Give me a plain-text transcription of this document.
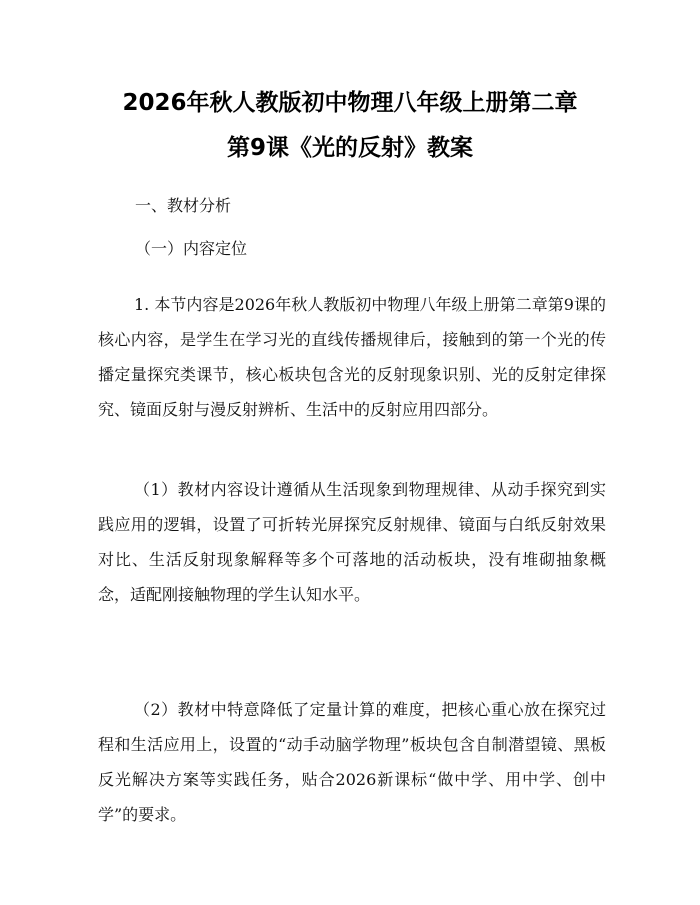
2026年秋人教版初中物理八年级上册第二章
第9课《光的反射》教案
一、教材分析
（一）内容定位

1. 本节内容是2026年秋人教版初中物理八年级上册第二章第9课的核心内容，是学生在学习光的直线传播规律后，接触到的第一个光的传播定量探究类课节，核心板块包含光的反射现象识别、光的反射定律探究、镜面反射与漫反射辨析、生活中的反射应用四部分。

（1）教材内容设计遵循从生活现象到物理规律、从动手探究到实践应用的逻辑，设置了可折转光屏探究反射规律、镜面与白纸反射效果对比、生活反射现象解释等多个可落地的活动板块，没有堆砌抽象概念，适配刚接触物理的学生认知水平。

（2）教材中特意降低了定量计算的难度，把核心重心放在探究过程和生活应用上，设置的“动手动脑学物理”板块包含自制潜望镜、黑板反光解决方案等实践任务，贴合2026新课标“做中学、用中学、创中学”的要求。
